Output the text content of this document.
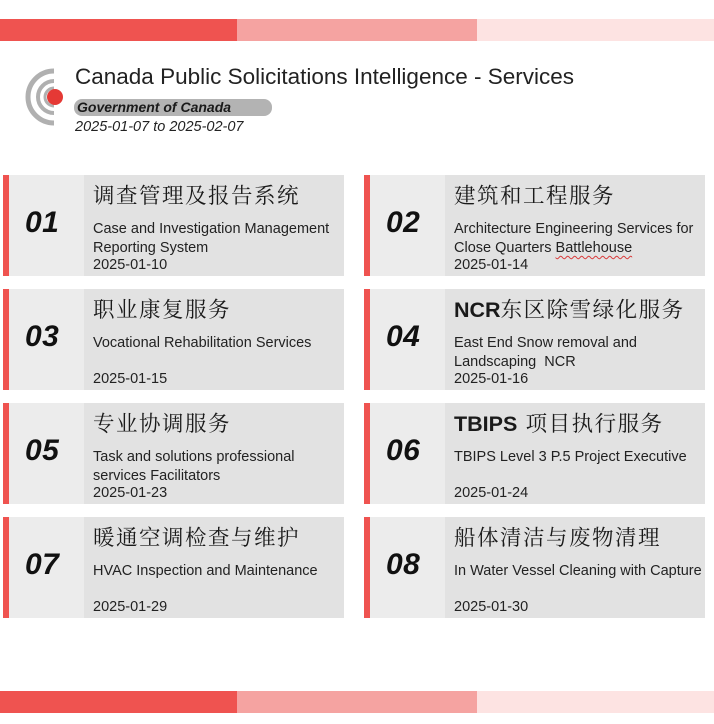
Canada Public Solicitations Intelligence - Services
Government of Canada
2025-01-07 to 2025-02-07
01
调查管理及报告系统
Case and Investigation Management Reporting System
2025-01-10
02
建筑和工程服务
Architecture Engineering Services for Close Quarters Battlehouse
2025-01-14
03
职业康复服务
Vocational Rehabilitation Services
2025-01-15
04
NCR东区除雪绿化服务
East End Snow removal and Landscaping  NCR
2025-01-16
05
专业协调服务
Task and solutions professional services Facilitators
2025-01-23
06
TBIPS 项目执行服务
TBIPS Level 3 P.5 Project Executive
2025-01-24
07
暖通空调检查与维护
HVAC Inspection and Maintenance
2025-01-29
08
船体清洁与废物清理
In Water Vessel Cleaning with Capture
2025-01-30
